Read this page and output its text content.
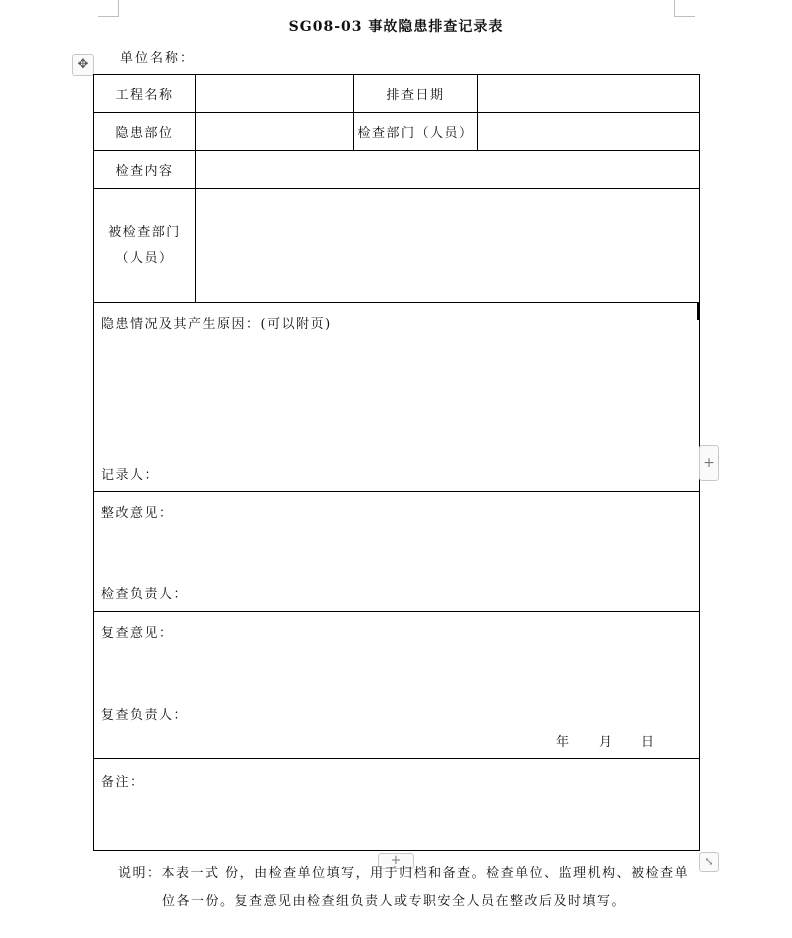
SG08-03 事故隐患排查记录表
单位名称：
✥
工程名称		排查日期	
隐患部位		检查部门（人员）	
检查内容			

被检查部门
（人员）			

隐患情况及其产生原因：(可以附页)
记录人：			

整改意见：
检查负责人：			

复查意见：
复查负责人：
年 月 日			

备注：			
+
+	⤡
说明：本表一式 份，由检查单位填写，用于归档和备查。检查单位、监理机构、被检查单
位各一份。复查意见由检查组负责人或专职安全人员在整改后及时填写。
